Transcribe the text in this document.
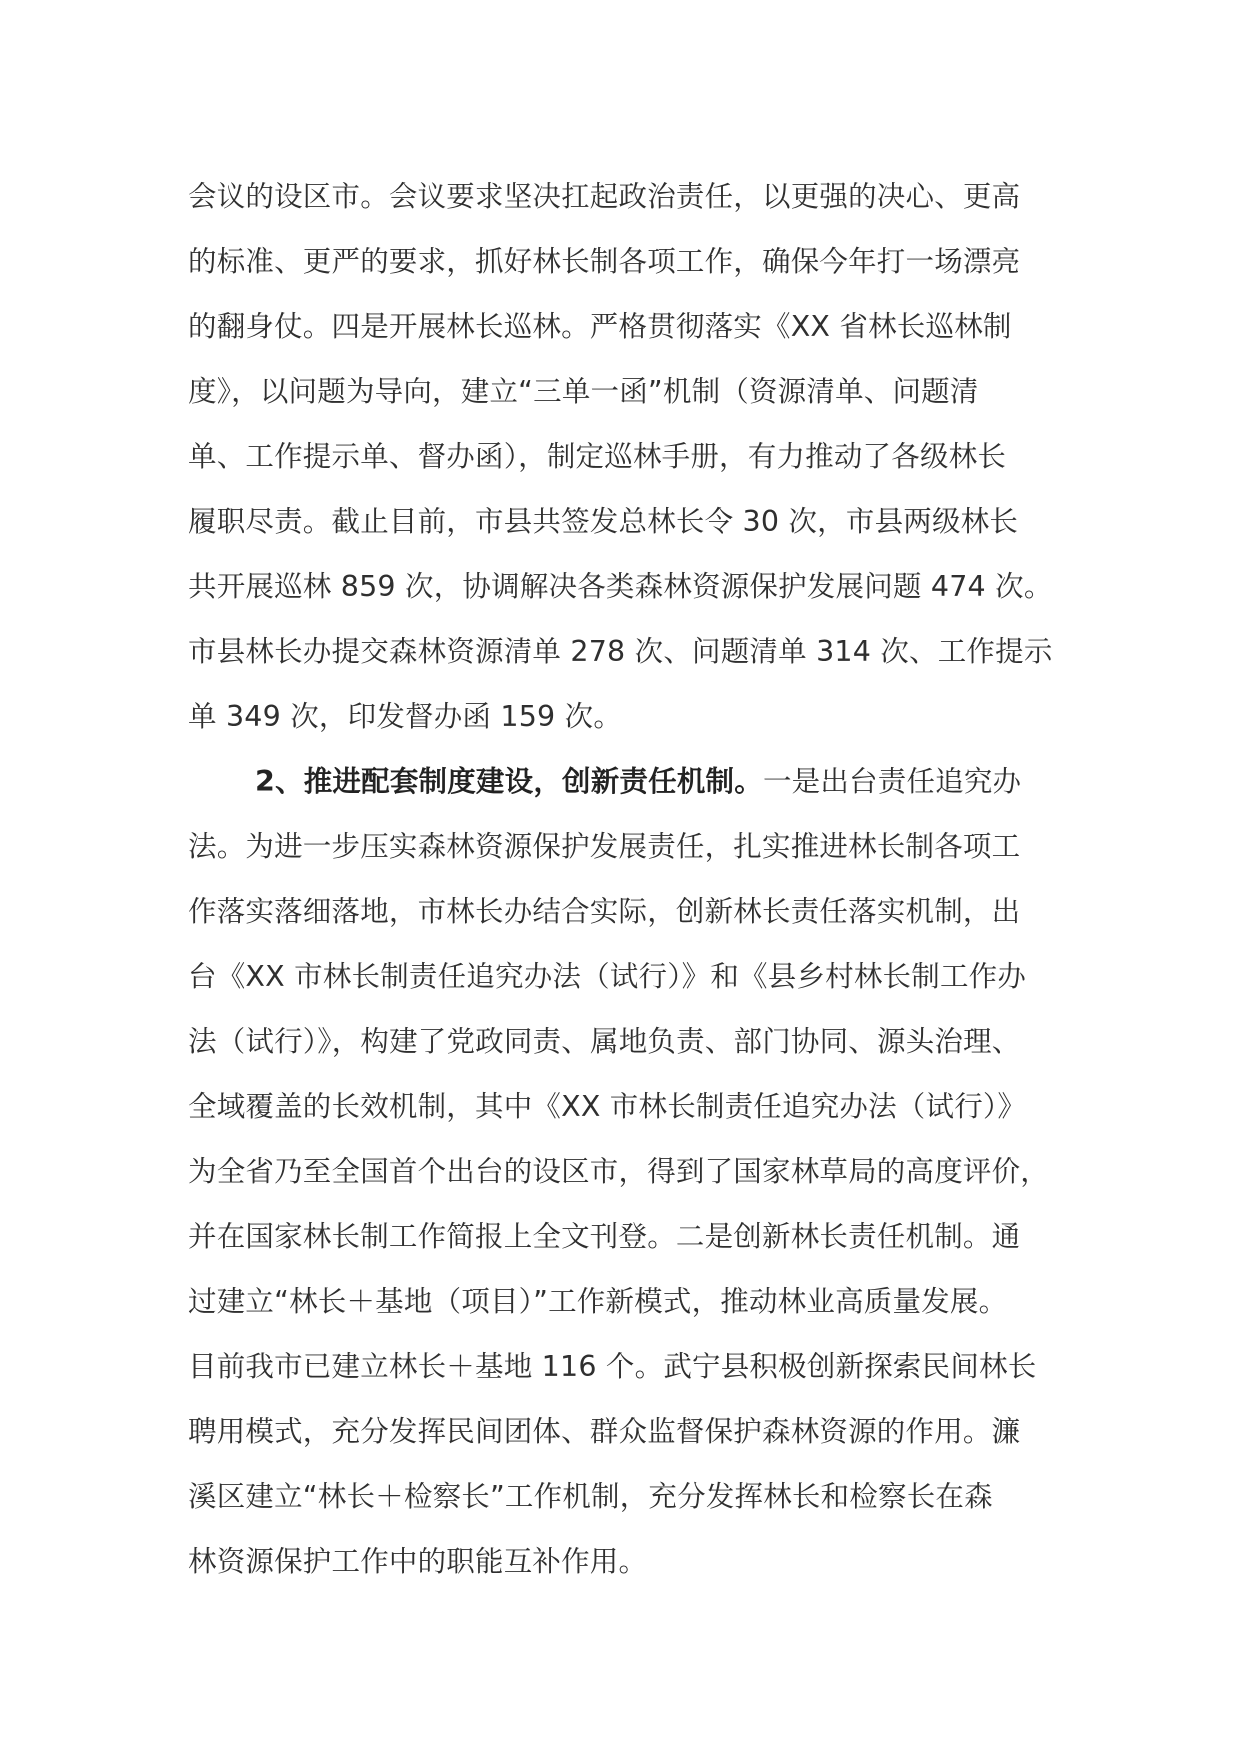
会议的设区市。会议要求坚决扛起政治责任，以更强的决心、更高
的标准、更严的要求，抓好林长制各项工作，确保今年打一场漂亮
的翻身仗。四是开展林长巡林。严格贯彻落实《XX 省林长巡林制
度》，以问题为导向，建立“三单一函”机制（资源清单、问题清
单、工作提示单、督办函），制定巡林手册，有力推动了各级林长
履职尽责。截止目前，市县共签发总林长令 30 次，市县两级林长
共开展巡林 859 次，协调解决各类森林资源保护发展问题 474 次。
市县林长办提交森林资源清单 278 次、问题清单 314 次、工作提示
单 349 次，印发督办函 159 次。
2、推进配套制度建设，创新责任机制。一是出台责任追究办
法。为进一步压实森林资源保护发展责任，扎实推进林长制各项工
作落实落细落地，市林长办结合实际，创新林长责任落实机制，出
台《XX 市林长制责任追究办法（试行）》和《县乡村林长制工作办
法（试行）》，构建了党政同责、属地负责、部门协同、源头治理、
全域覆盖的长效机制，其中《XX 市林长制责任追究办法（试行）》
为全省乃至全国首个出台的设区市，得到了国家林草局的高度评价，
并在国家林长制工作简报上全文刊登。二是创新林长责任机制。通
过建立“林长＋基地（项目）”工作新模式，推动林业高质量发展。
目前我市已建立林长＋基地 116 个。武宁县积极创新探索民间林长
聘用模式，充分发挥民间团体、群众监督保护森林资源的作用。濂
溪区建立“林长＋检察长”工作机制，充分发挥林长和检察长在森
林资源保护工作中的职能互补作用。
